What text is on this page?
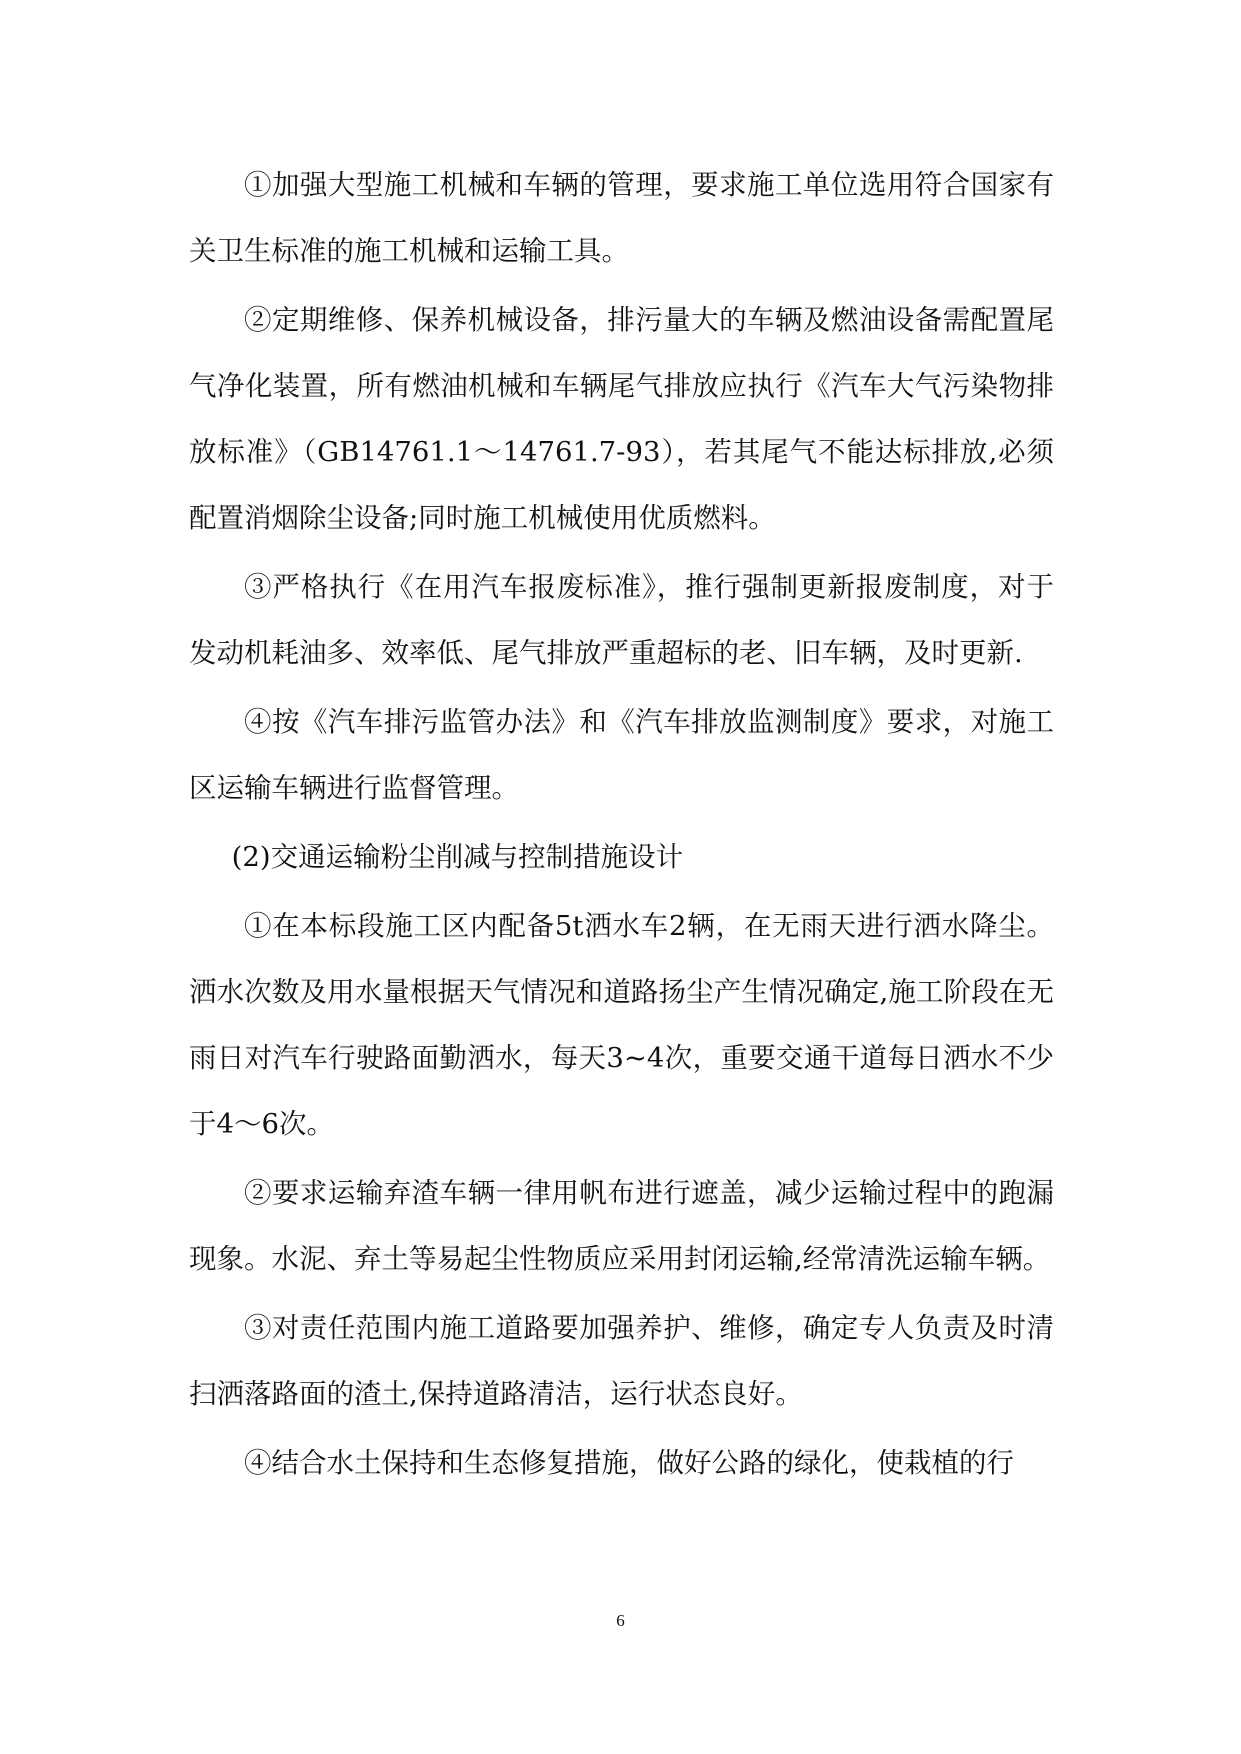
①加强大型施工机械和车辆的管理，要求施工单位选用符合国家有关卫生标准的施工机械和运输工具。

②定期维修、保养机械设备，排污量大的车辆及燃油设备需配置尾气净化装置，所有燃油机械和车辆尾气排放应执行《汽车大气污染物排放标准》（GB14761.1～14761.7-93），若其尾气不能达标排放,必须配置消烟除尘设备;同时施工机械使用优质燃料。

③严格执行《在用汽车报废标准》，推行强制更新报废制度，对于发动机耗油多、效率低、尾气排放严重超标的老、旧车辆，及时更新.

④按《汽车排污监管办法》和《汽车排放监测制度》要求，对施工区运输车辆进行监督管理。

(2)交通运输粉尘削减与控制措施设计

①在本标段施工区内配备5t洒水车2辆，在无雨天进行洒水降尘。洒水次数及用水量根据天气情况和道路扬尘产生情况确定,施工阶段在无雨日对汽车行驶路面勤洒水，每天3~4次，重要交通干道每日洒水不少于4～6次。

②要求运输弃渣车辆一律用帆布进行遮盖，减少运输过程中的跑漏现象。水泥、弃土等易起尘性物质应采用封闭运输,经常清洗运输车辆。

③对责任范围内施工道路要加强养护、维修，确定专人负责及时清扫洒落路面的渣土,保持道路清洁，运行状态良好。

④结合水土保持和生态修复措施，做好公路的绿化，使栽植的行

6
